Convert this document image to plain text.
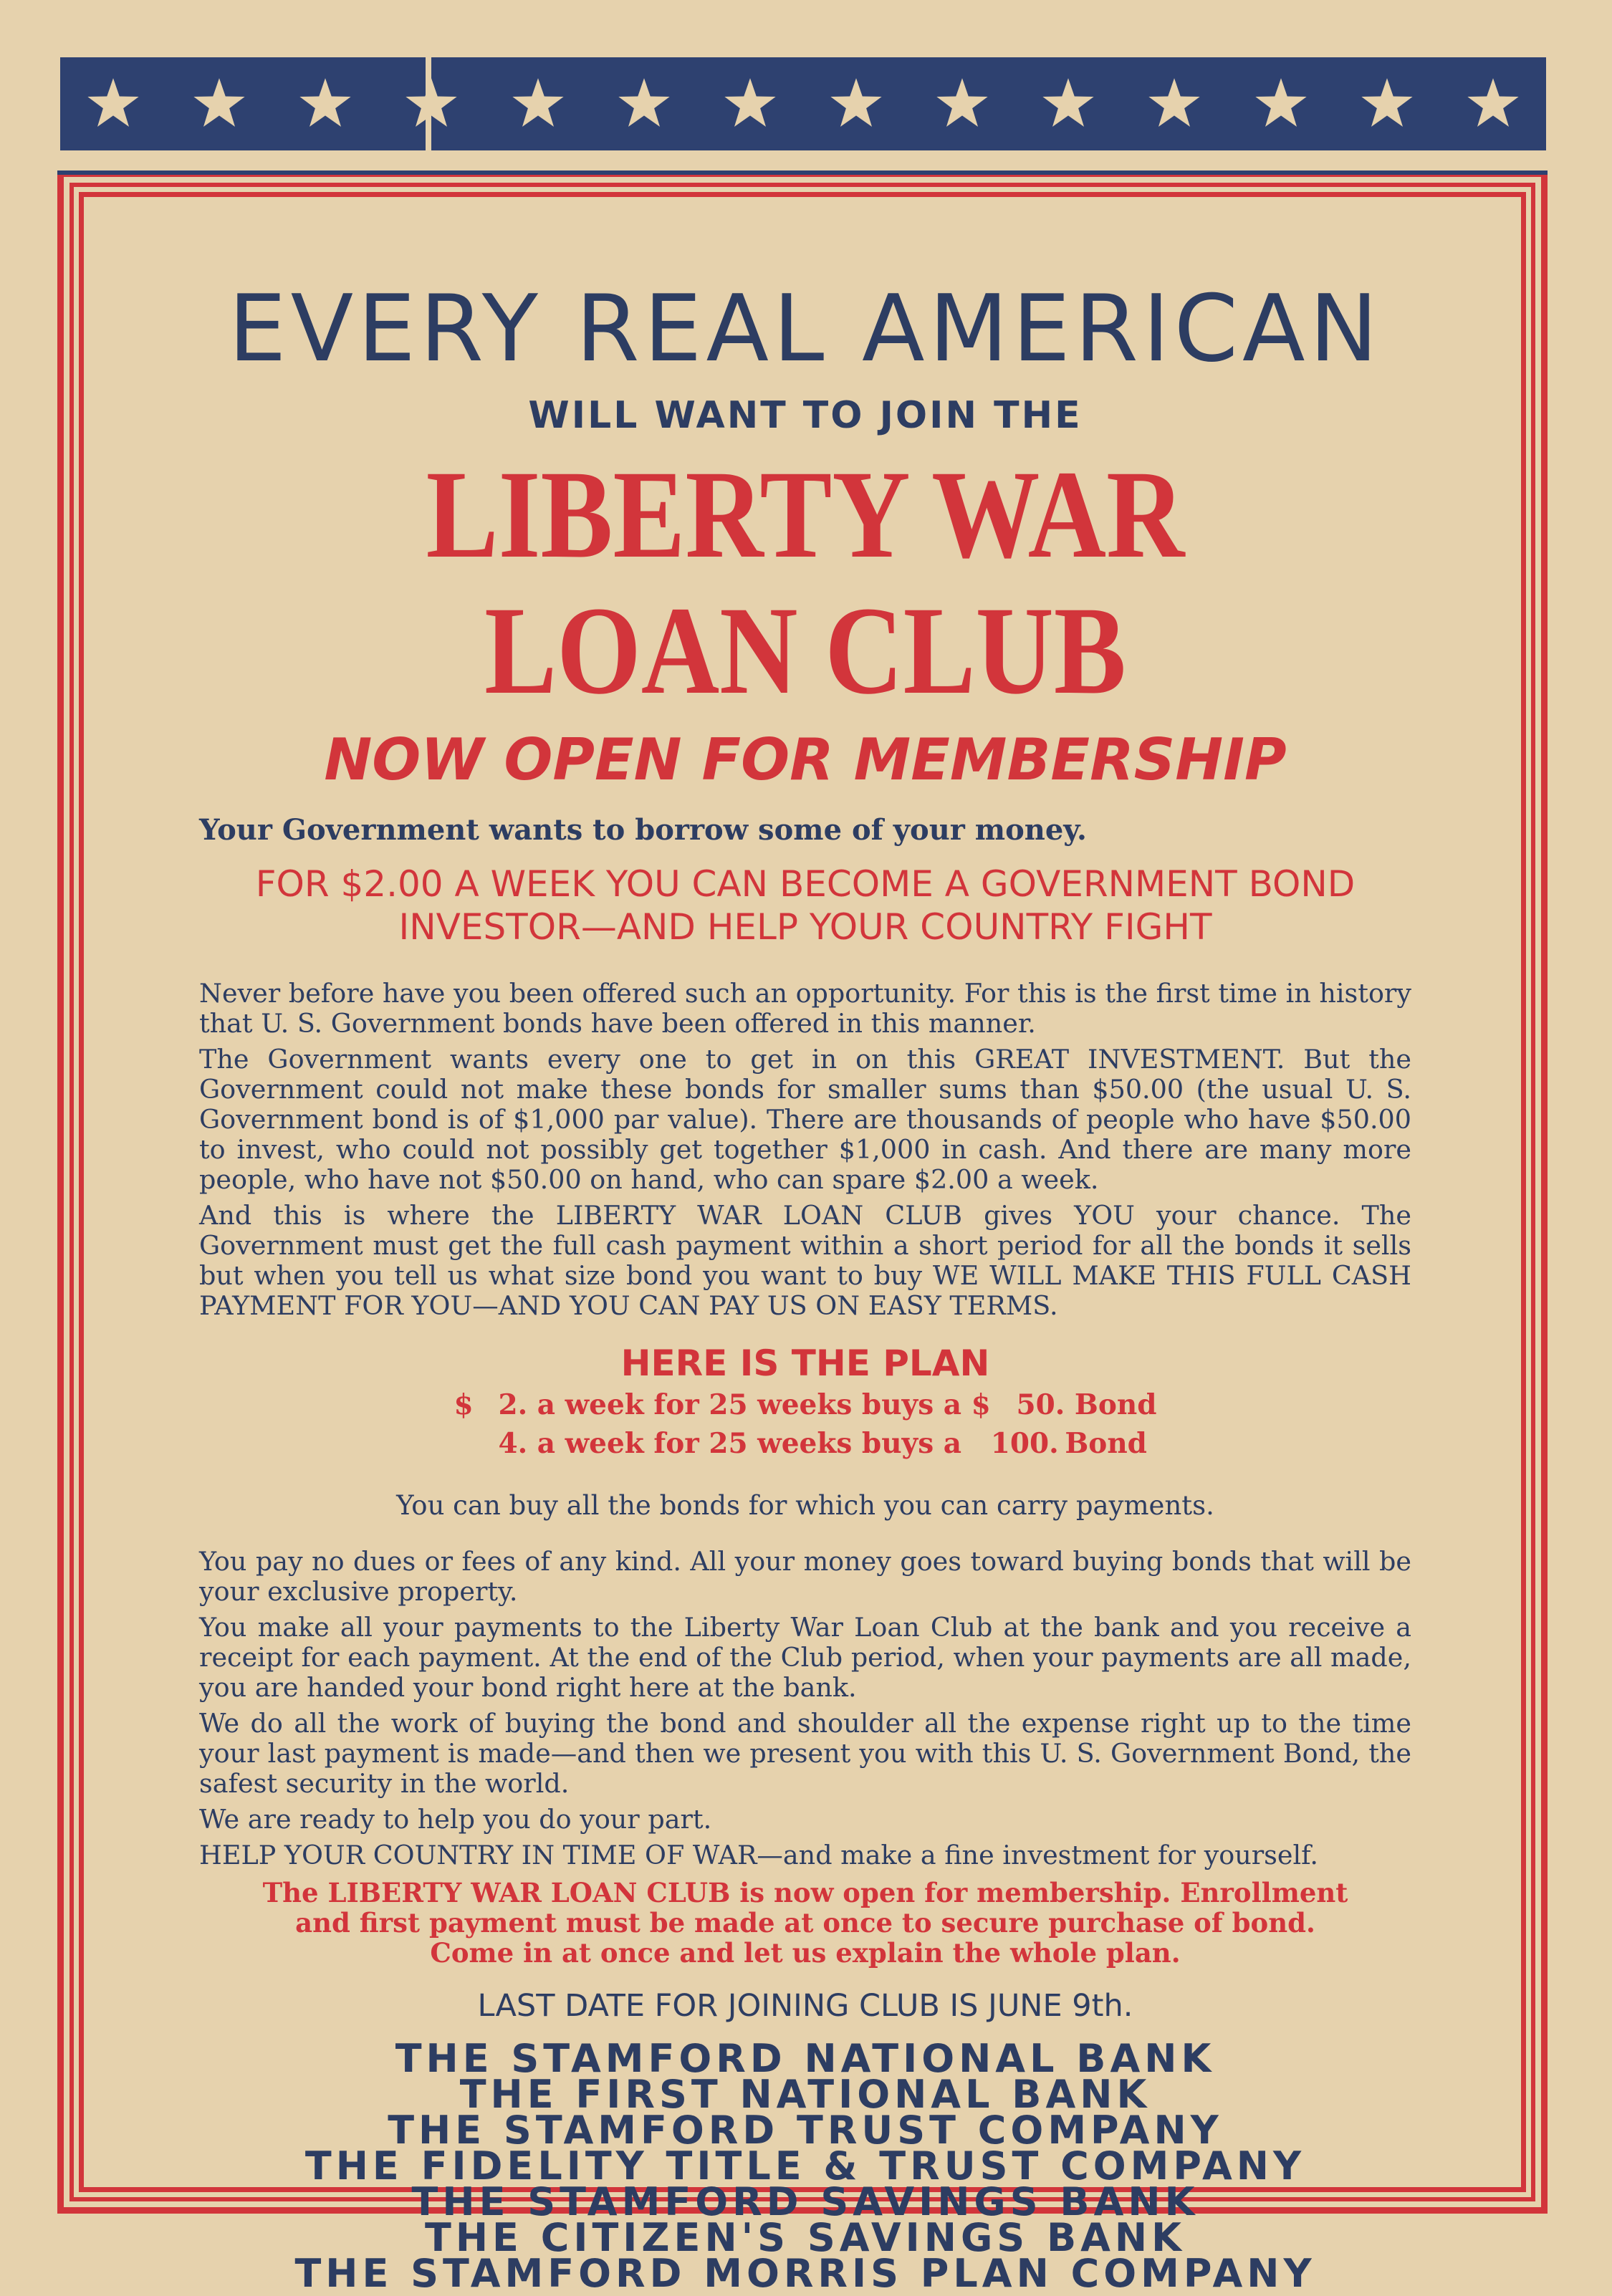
EVERY REAL AMERICAN
WILL WANT TO JOIN THE
LIBERTY WAR LOAN CLUB
NOW OPEN FOR MEMBERSHIP

Your Government wants to borrow some of your money.

FOR $2.00 A WEEK YOU CAN BECOME A GOVERNMENT BOND
INVESTOR—AND HELP YOUR COUNTRY FIGHT

Never before have you been offered such an opportunity. For this is the first time in history that U. S. Government bonds have been offered in this manner.

The Government wants every one to get in on this GREAT INVESTMENT. But the Government could not make these bonds for smaller sums than $50.00 (the usual U. S. Government bond is of $1,000 par value). There are thousands of people who have $50.00 to invest, who could not possibly get together $1,000 in cash. And there are many more people, who have not $50.00 on hand, who can spare $2.00 a week.

And this is where the LIBERTY WAR LOAN CLUB gives YOU your chance. The Government must get the full cash payment within a short period for all the bonds it sells but when you tell us what size bond you want to buy WE WILL MAKE THIS FULL CASH PAYMENT FOR YOU—AND YOU CAN PAY US ON EASY TERMS.

HERE IS THE PLAN
$ 2. a week for 25 weeks buys a $ 50. Bond

4. a week for 25 weeks buys a
100.
Bond

You can buy all the bonds for which you can carry payments.

You pay no dues or fees of any kind. All your money goes toward buying bonds that will be your exclusive property.

You make all your payments to the Liberty War Loan Club at the bank and you receive a receipt for each payment. At the end of the Club period, when your payments are all made, you are handed your bond right here at the bank.

We do all the work of buying the bond and shoulder all the expense right up to the time your last payment is made—and then we present you with this U. S. Government Bond, the safest security in the world.

We are ready to help you do your part.

HELP YOUR COUNTRY IN TIME OF WAR—and make a fine investment for yourself.

The LIBERTY WAR LOAN CLUB is now open for membership. Enrollment
and first payment must be made at once to secure purchase of bond.
Come in at once and let us explain the whole plan.

LAST DATE FOR JOINING CLUB IS JUNE 9th.

THE STAMFORD NATIONAL BANK
THE FIRST NATIONAL BANK
THE STAMFORD TRUST COMPANY
THE FIDELITY TITLE & TRUST COMPANY
THE STAMFORD SAVINGS BANK
THE CITIZEN'S SAVINGS BANK
THE STAMFORD MORRIS PLAN COMPANY
